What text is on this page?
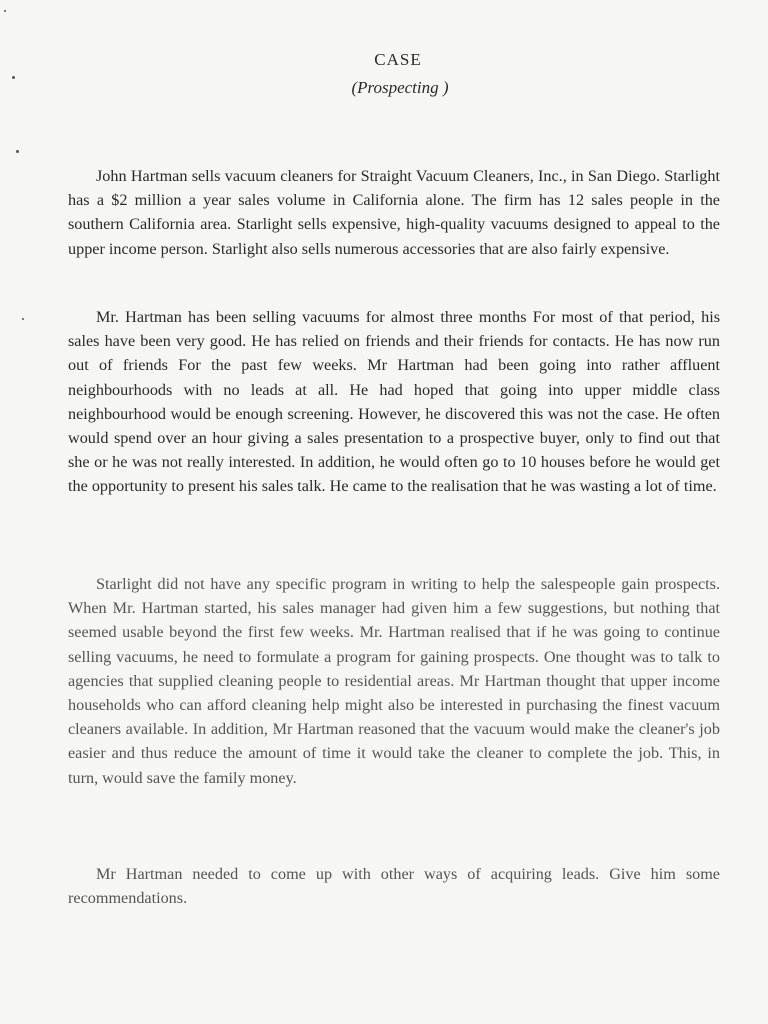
CASE
(Prospecting )

John Hartman sells vacuum cleaners for Straight Vacuum Cleaners, Inc., in San Diego. Starlight has a $2 million a year sales volume in California alone. The firm has 12 sales people in the southern California area. Starlight sells expensive, high-quality vacuums designed to appeal to the upper income person. Starlight also sells numerous accessories that are also fairly expensive.

Mr. Hartman has been selling vacuums for almost three months For most of that period, his sales have been very good. He has relied on friends and their friends for contacts. He has now run out of friends For the past few weeks. Mr Hartman had been going into rather affluent neighbourhoods with no leads at all. He had hoped that going into upper middle class neighbourhood would be enough screening. However, he discovered this was not the case. He often would spend over an hour giving a sales presentation to a prospective buyer, only to find out that she or he was not really interested. In addition, he would often go to 10 houses before he would get the opportunity to present his sales talk. He came to the realisation that he was wasting a lot of time.

Starlight did not have any specific program in writing to help the salespeople gain prospects. When Mr. Hartman started, his sales manager had given him a few suggestions, but nothing that seemed usable beyond the first few weeks. Mr. Hartman realised that if he was going to continue selling vacuums, he need to formulate a program for gaining prospects. One thought was to talk to agencies that supplied cleaning people to residential areas. Mr Hartman thought that upper income households who can afford cleaning help might also be interested in purchasing the finest vacuum cleaners available. In addition, Mr Hartman reasoned that the vacuum would make the cleaner's job easier and thus reduce the amount of time it would take the cleaner to complete the job. This, in turn, would save the family money.

Mr Hartman needed to come up with other ways of acquiring leads. Give him some recommendations.
